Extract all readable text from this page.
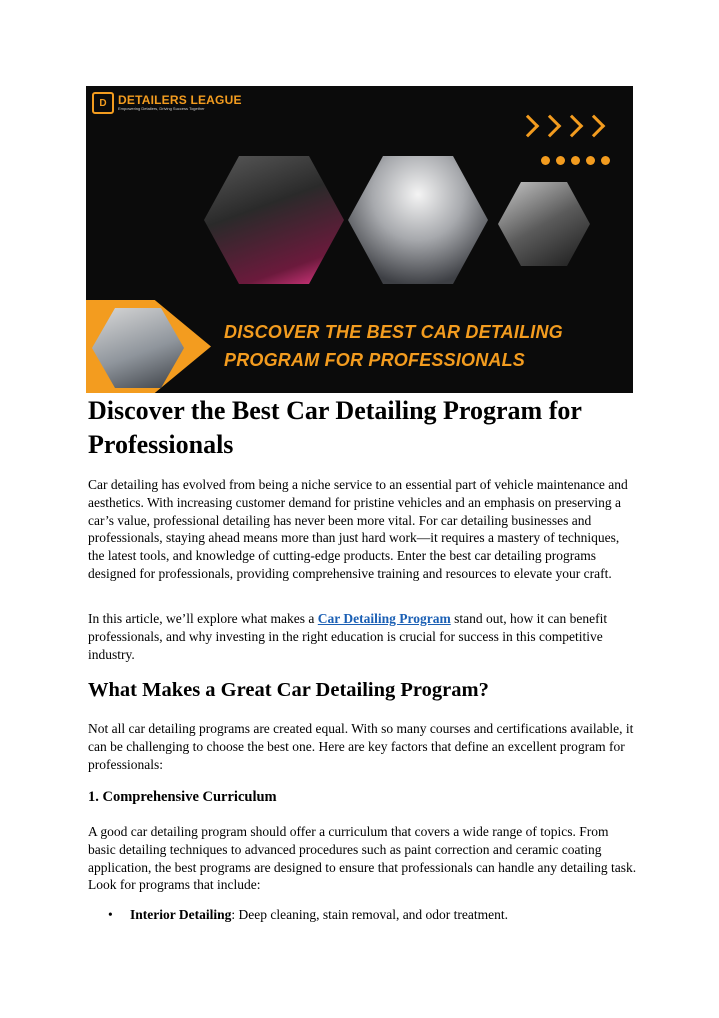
D DETAILERS LEAGUE
Empowering Detailers, Driving Success Together
DISCOVER THE BEST CAR DETAILING
PROGRAM FOR PROFESSIONALS
Discover the Best Car Detailing Program for Professionals

Car detailing has evolved from being a niche service to an essential part of vehicle maintenance and aesthetics. With increasing customer demand for pristine vehicles and an emphasis on preserving a car’s value, professional detailing has never been more vital. For car detailing businesses and professionals, staying ahead means more than just hard work—it requires a mastery of techniques, the latest tools, and knowledge of cutting-edge products. Enter the best car detailing programs designed for professionals, providing comprehensive training and resources to elevate your craft.

In this article, we’ll explore what makes a Car Detailing Program stand out, how it can benefit professionals, and why investing in the right education is crucial for success in this competitive industry.

What Makes a Great Car Detailing Program?

Not all car detailing programs are created equal. With so many courses and certifications available, it can be challenging to choose the best one. Here are key factors that define an excellent program for professionals:

1. Comprehensive Curriculum

A good car detailing program should offer a curriculum that covers a wide range of topics. From basic detailing techniques to advanced procedures such as paint correction and ceramic coating application, the best programs are designed to ensure that professionals can handle any detailing task. Look for programs that include:

•	Interior Detailing: Deep cleaning, stain removal, and odor treatment.
